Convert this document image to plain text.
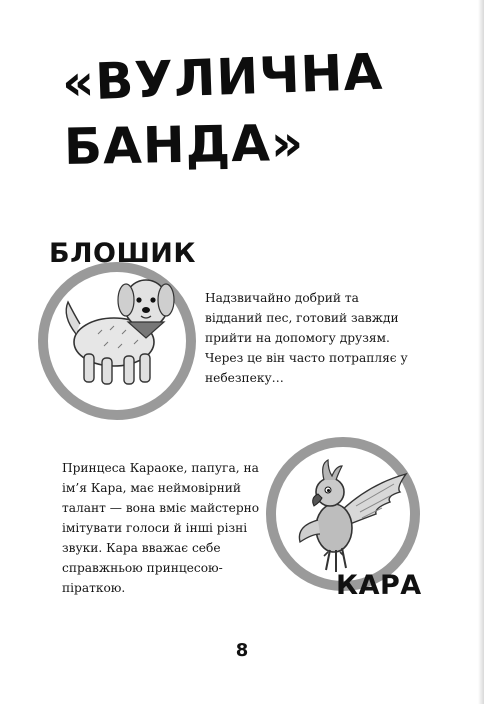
«ВУЛИЧНА
БАНДА»
БЛОШИК

Надзвичайно добрий та відданий пес, готовий завжди прийти на допомогу друзям. Через це він часто потрапляє у небезпеку…

КАРА

Принцеса Караоке, папуга, на ім’я Кара, має неймовірний талант — вона вміє майстерно імітувати голоси й інші різні звуки. Кара вважає себе справжньою принцесою-піраткою.

8
